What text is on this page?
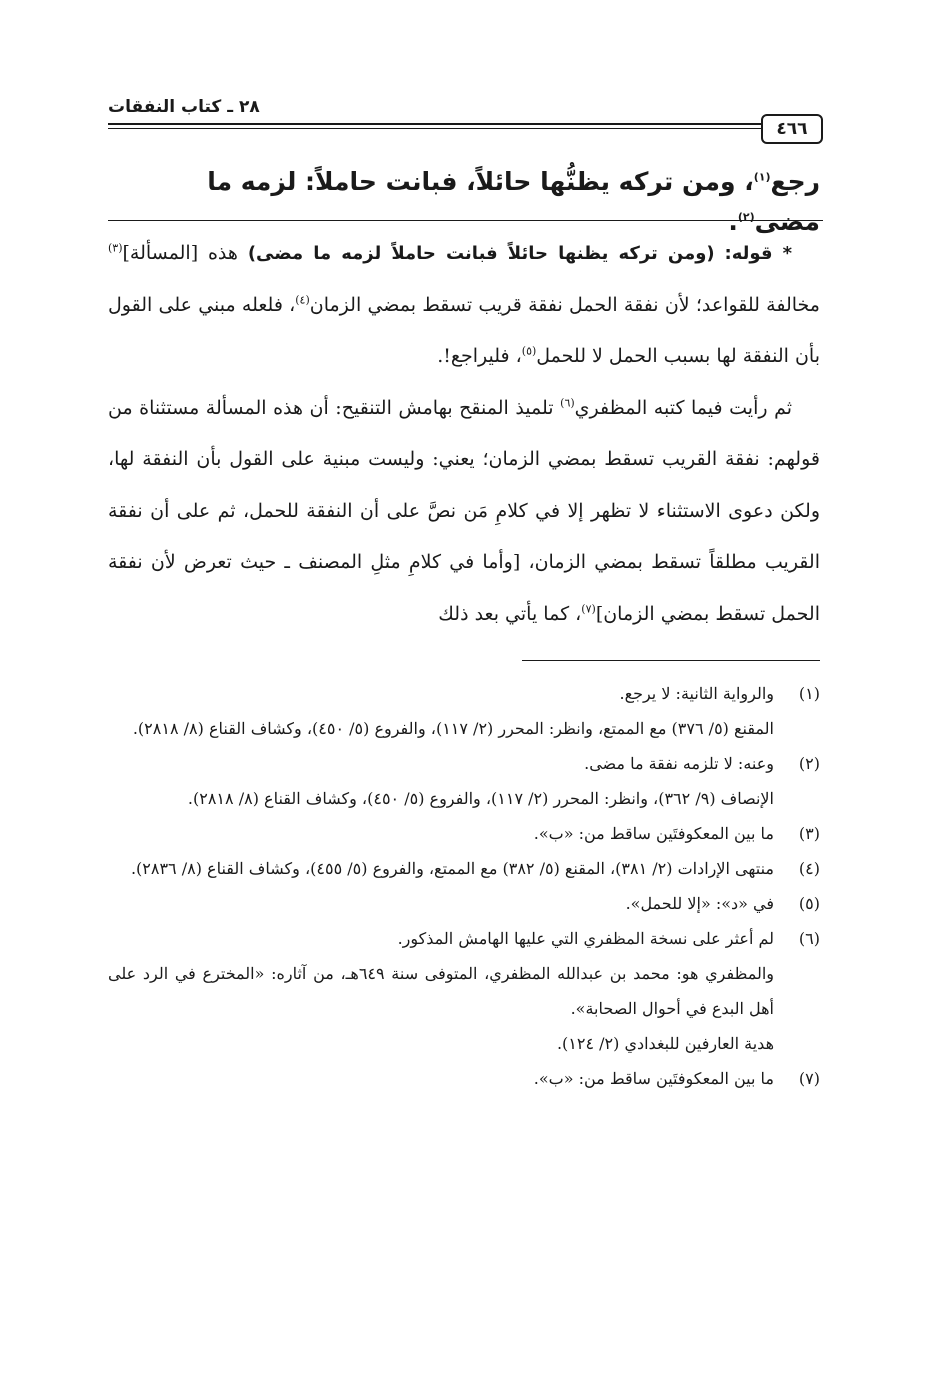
٤٦٦
٢٨ ـ كتاب النفقات
رجع$^{(١)}$، ومن تركه يظنُّها حائلاً، فبانت حاملاً: لزمه ما مضى$^{(٢)}$.

* قوله: (ومن تركه يظنها حائلاً فبانت حاملاً لزمه ما مضى) هذه [المسألة]$^{(٣)}$ مخالفة للقواعد؛ لأن نفقة الحمل نفقة قريب تسقط بمضي الزمان$^{(٤)}$، فلعله مبني على القول بأن النفقة لها بسبب الحمل لا للحمل$^{(٥)}$، فليراجع!.

ثم رأيت فيما كتبه المظفري$^{(٦)}$ تلميذ المنقح بهامش التنقيح: أن هذه المسألة مستثناة من قولهم: نفقة القريب تسقط بمضي الزمان؛ يعني: وليست مبنية على القول بأن النفقة لها، ولكن دعوى الاستثناء لا تظهر إلا في كلامِ مَن نصَّ على أن النفقة للحمل، ثم على أن نفقة القريب مطلقاً تسقط بمضي الزمان، [وأما في كلامِ مثلِ المصنف ـ حيث تعرض لأن نفقة الحمل تسقط بمضي الزمان]$^{(٧)}$، كما يأتي بعد ذلك

(١)

والرواية الثانية: لا يرجع.

المقنع (٥/ ٣٧٦) مع الممتع، وانظر: المحرر (٢/ ١١٧)، والفروع (٥/ ٤٥٠)، وكشاف القناع (٨/ ٢٨١٨).

(٢)

وعنه: لا تلزمه نفقة ما مضى.

الإنصاف (٩/ ٣٦٢)، وانظر: المحرر (٢/ ١١٧)، والفروع (٥/ ٤٥٠)، وكشاف القناع (٨/ ٢٨١٨).

(٣)

ما بين المعكوفتَين ساقط من: «ب».

(٤)

منتهى الإرادات (٢/ ٣٨١)، المقنع (٥/ ٣٨٢) مع الممتع، والفروع (٥/ ٤٥٥)، وكشاف القناع (٨/ ٢٨٣٦).

(٥)

في «د»: «إلا للحمل».

(٦)

لم أعثر على نسخة المظفري التي عليها الهامش المذكور.

والمظفري هو: محمد بن عبدالله المظفري، المتوفى سنة ٦٤٩هـ، من آثاره: «المخترع في الرد على أهل البدع في أحوال الصحابة».

هدية العارفين للبغدادي (٢/ ١٢٤).

(٧)

ما بين المعكوفتَين ساقط من: «ب».
